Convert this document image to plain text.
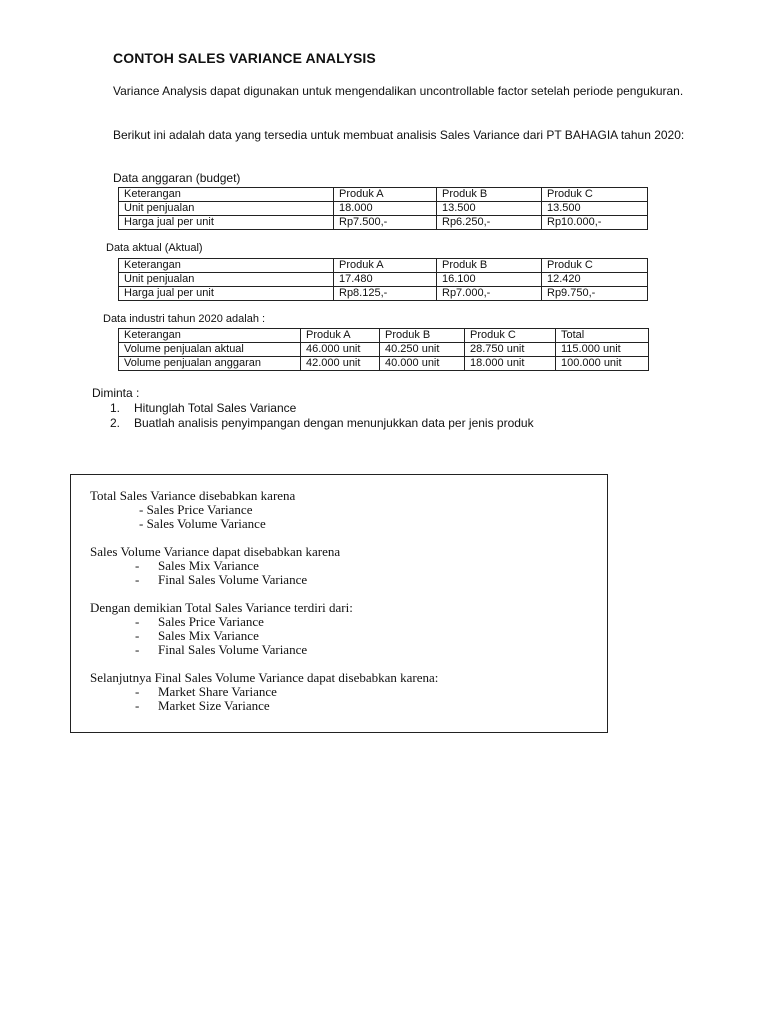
CONTOH SALES VARIANCE ANALYSIS
Variance Analysis dapat digunakan untuk mengendalikan uncontrollable factor setelah periode pengukuran.
Berikut ini adalah data yang tersedia untuk membuat analisis Sales Variance dari PT BAHAGIA tahun 2020:
Data anggaran (budget)
Keterangan	Produk A	Produk B	Produk C
Unit penjualan	18.000	13.500	13.500
Harga jual per unit	Rp7.500,-	Rp6.250,-	Rp10.000,-
Data aktual (Aktual)
Keterangan	Produk A	Produk B	Produk C
Unit penjualan	17.480	16.100	12.420
Harga jual per unit	Rp8.125,-	Rp7.000,-	Rp9.750,-
Data industri tahun 2020 adalah :
Keterangan	Produk A	Produk B	Produk C	Total
Volume penjualan aktual	46.000 unit	40.250 unit	28.750 unit	115.000 unit
Volume penjualan anggaran	42.000 unit	40.000 unit	18.000 unit	100.000 unit
Diminta :
1. Hitunglah Total Sales Variance
2. Buatlah analisis penyimpangan dengan menunjukkan data per jenis produk
Total Sales Variance disebabkan karena
- Sales Price Variance
- Sales Volume Variance
Sales Volume Variance dapat disebabkan karena
- Sales Mix Variance
- Final Sales Volume Variance
Dengan demikian Total Sales Variance terdiri dari:
- Sales Price Variance
- Sales Mix Variance
- Final Sales Volume Variance
Selanjutnya Final Sales Volume Variance dapat disebabkan karena:
- Market Share Variance
- Market Size Variance
